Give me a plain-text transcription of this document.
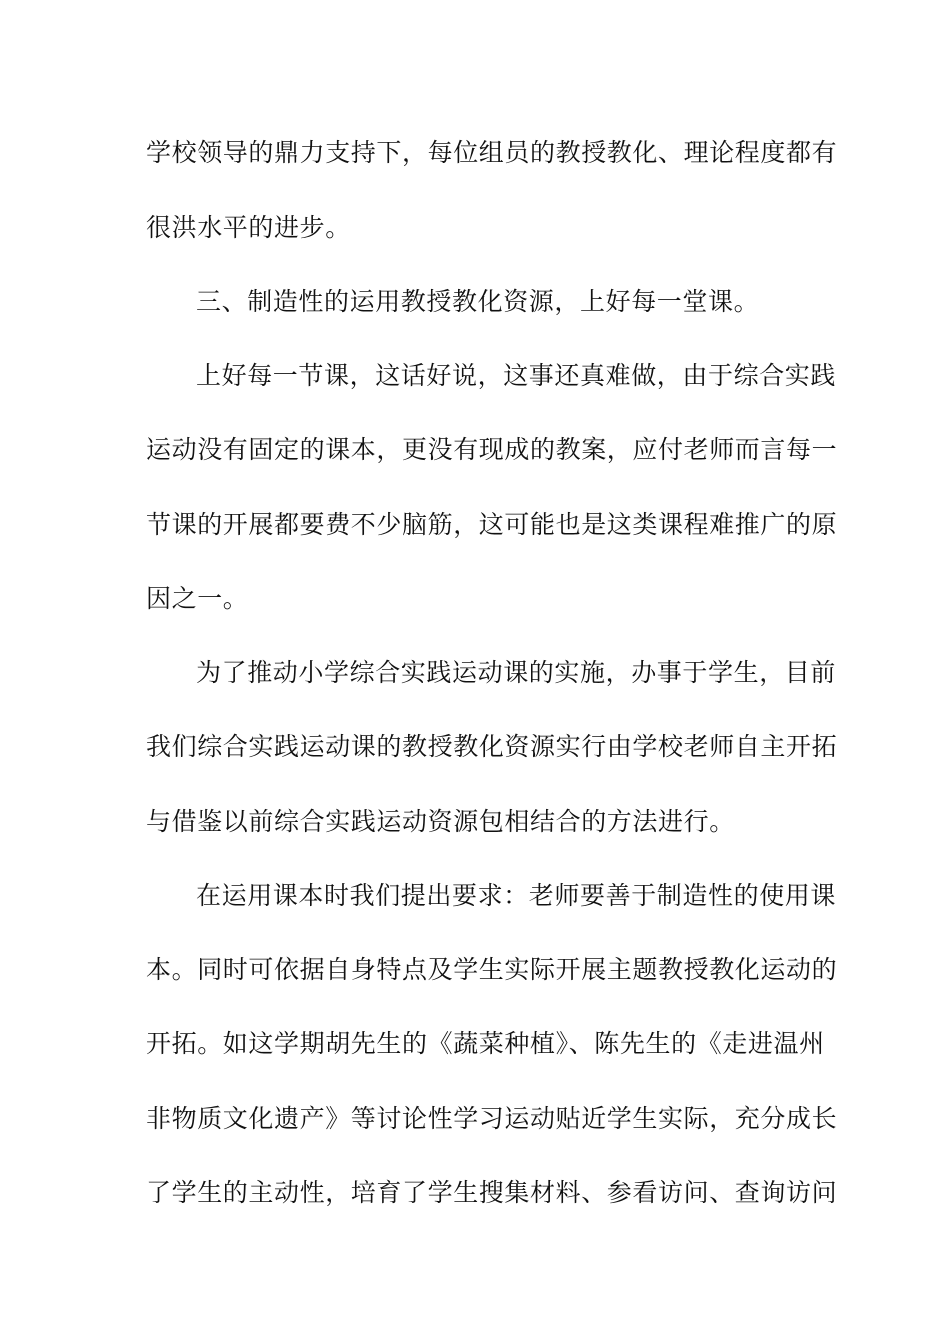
学校领导的鼎力支持下，每位组员的教授教化、理论程度都有
很洪水平的进步。
三、制造性的运用教授教化资源，上好每一堂课。
上好每一节课，这话好说，这事还真难做，由于综合实践
运动没有固定的课本，更没有现成的教案，应付老师而言每一
节课的开展都要费不少脑筋，这可能也是这类课程难推广的原
因之一。
为了推动小学综合实践运动课的实施，办事于学生，目前
我们综合实践运动课的教授教化资源实行由学校老师自主开拓
与借鉴以前综合实践运动资源包相结合的方法进行。
在运用课本时我们提出要求：老师要善于制造性的使用课
本。同时可依据自身特点及学生实际开展主题教授教化运动的
开拓。如这学期胡先生的《蔬菜种植》、陈先生的《走进温州
非物质文化遗产》等讨论性学习运动贴近学生实际，充分成长
了学生的主动性，培育了学生搜集材料、参看访问、查询访问
